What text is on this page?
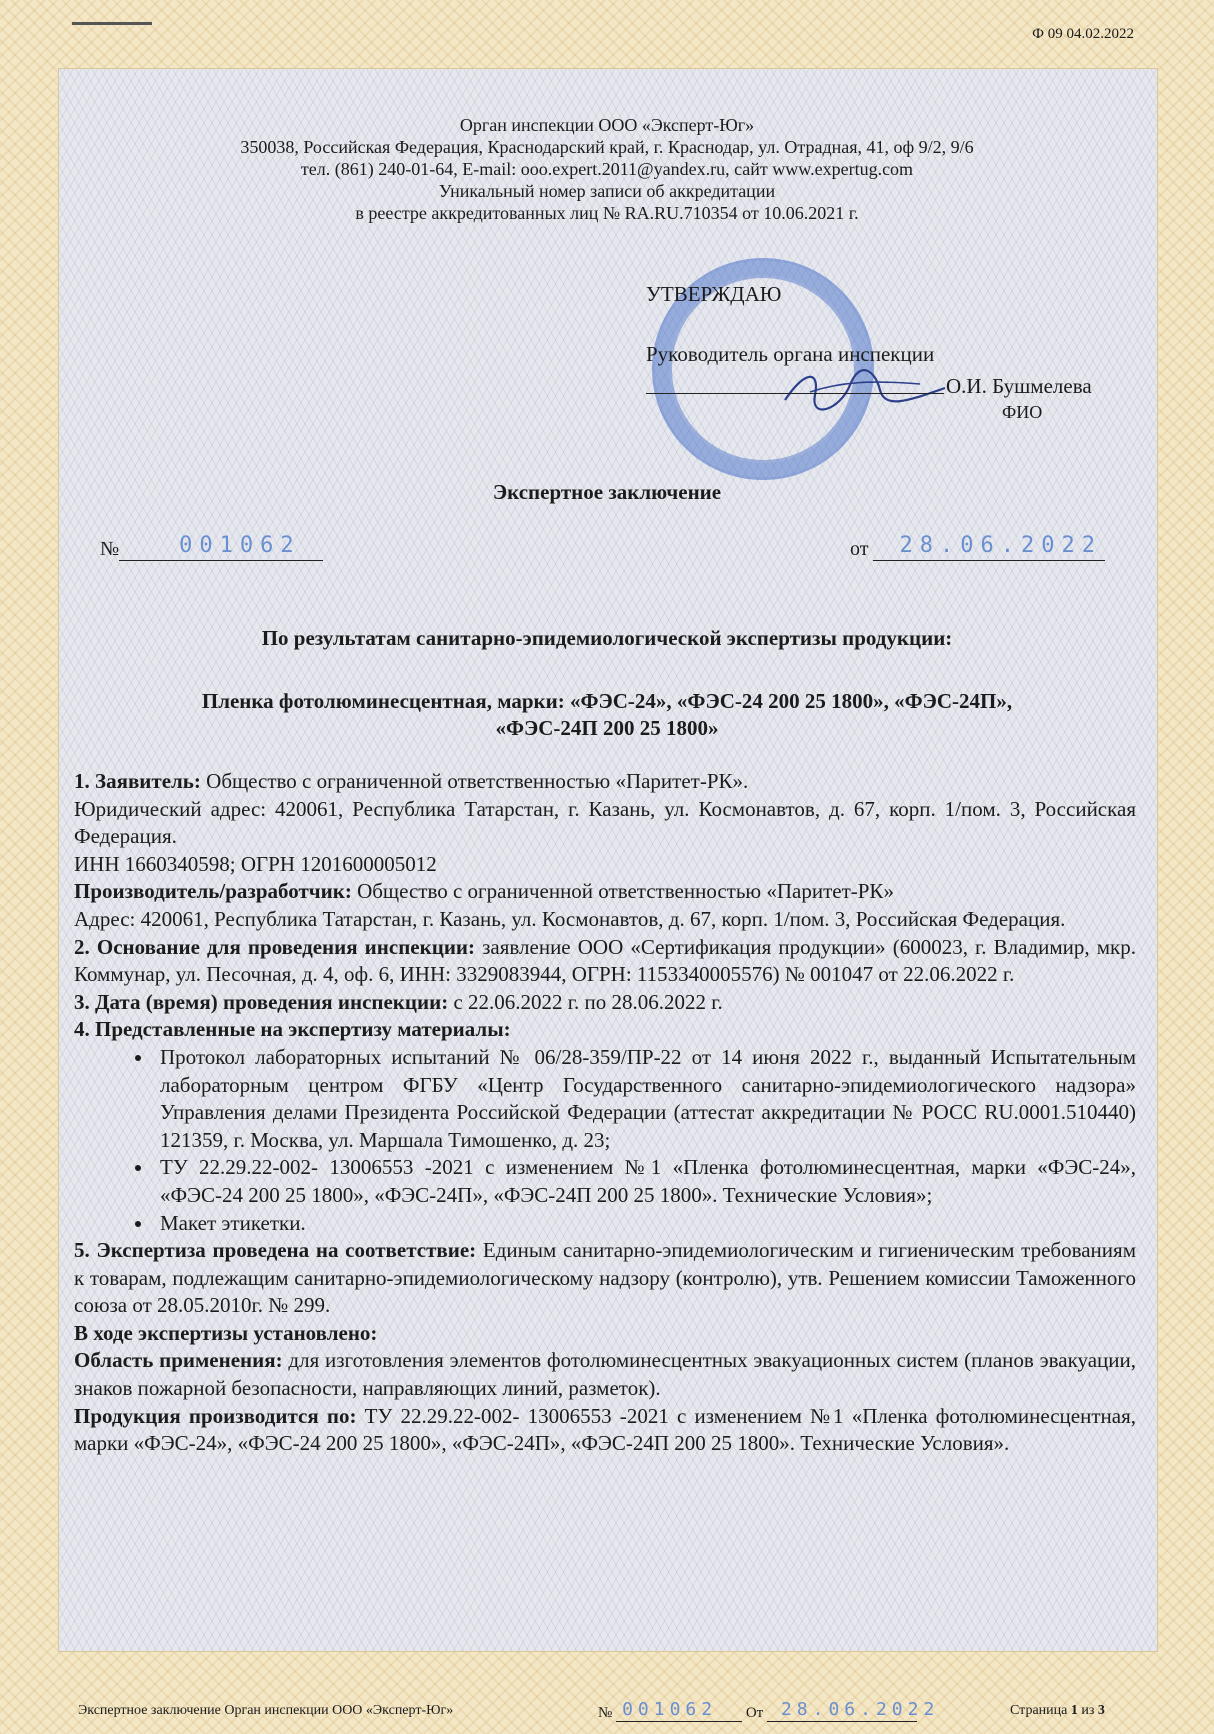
Ф 09 04.02.2022
Орган инспекции ООО «Эксперт-Юг»
350038, Российская Федерация, Краснодарский край, г. Краснодар, ул. Отрадная, 41, оф 9/2, 9/6
тел. (861) 240-01-64, E-mail: ooo.expert.2011@yandex.ru, сайт www.expertug.com
Уникальный номер записи об аккредитации
в реестре аккредитованных лиц № RA.RU.710354 от 10.06.2021 г.
УТВЕРЖДАЮ
Руководитель органа инспекции
О.И. Бушмелева
ФИО
Экспертное заключение
№	001062	от 28.06.2022
По результатам санитарно-эпидемиологической экспертизы продукции:
Пленка фотолюминесцентная, марки: «ФЭС-24», «ФЭС-24 200 25 1800», «ФЭС-24П»,
«ФЭС-24П 200 25 1800»

1. Заявитель: Общество с ограниченной ответственностью «Паритет-РК».

Юридический адрес: 420061, Республика Татарстан, г. Казань, ул. Космонавтов, д. 67, корп. 1/пом. 3, Российская Федерация.

ИНН 1660340598; ОГРН 1201600005012

Производитель/разработчик: Общество с ограниченной ответственностью «Паритет-РК»

Адрес: 420061, Республика Татарстан, г. Казань, ул. Космонавтов, д. 67, корп. 1/пом. 3, Российская Федерация.

2. Основание для проведения инспекции: заявление ООО «Сертификация продукции» (600023, г. Владимир, мкр. Коммунар, ул. Песочная, д. 4, оф. 6, ИНН: 3329083944, ОГРН: 1153340005576) № 001047 от 22.06.2022 г.

3. Дата (время) проведения инспекции: с 22.06.2022 г. по 28.06.2022 г.

4. Представленные на экспертизу материалы:

• Протокол лабораторных испытаний № 06/28-359/ПР-22 от 14 июня 2022 г., выданный Испытательным лабораторным центром ФГБУ «Центр Государственного санитарно-эпидемиологического надзора» Управления делами Президента Российской Федерации (аттестат аккредитации № РОСС RU.0001.510440) 121359, г. Москва, ул. Маршала Тимошенко, д. 23;
• ТУ 22.29.22-002- 13006553 -2021 с изменением №1 «Пленка фотолюминесцентная, марки «ФЭС-24», «ФЭС-24 200 25 1800», «ФЭС-24П», «ФЭС-24П 200 25 1800». Технические Условия»;
• Макет этикетки.

5. Экспертиза проведена на соответствие: Единым санитарно-эпидемиологическим и гигиеническим требованиям к товарам, подлежащим санитарно-эпидемиологическому надзору (контролю), утв. Решением комиссии Таможенного союза от 28.05.2010г. № 299.

В ходе экспертизы установлено:

Область применения: для изготовления элементов фотолюминесцентных эвакуационных систем (планов эвакуации, знаков пожарной безопасности, направляющих линий, разметок).

Продукция производится по: ТУ 22.29.22-002- 13006553 -2021 с изменением №1 «Пленка фотолюминесцентная, марки «ФЭС-24», «ФЭС-24 200 25 1800», «ФЭС-24П», «ФЭС-24П 200 25 1800». Технические Условия».

Экспертное заключение Орган инспекции ООО «Эксперт-Юг»	№ 001062 От 28.06.2022	Страница 1 из 3
